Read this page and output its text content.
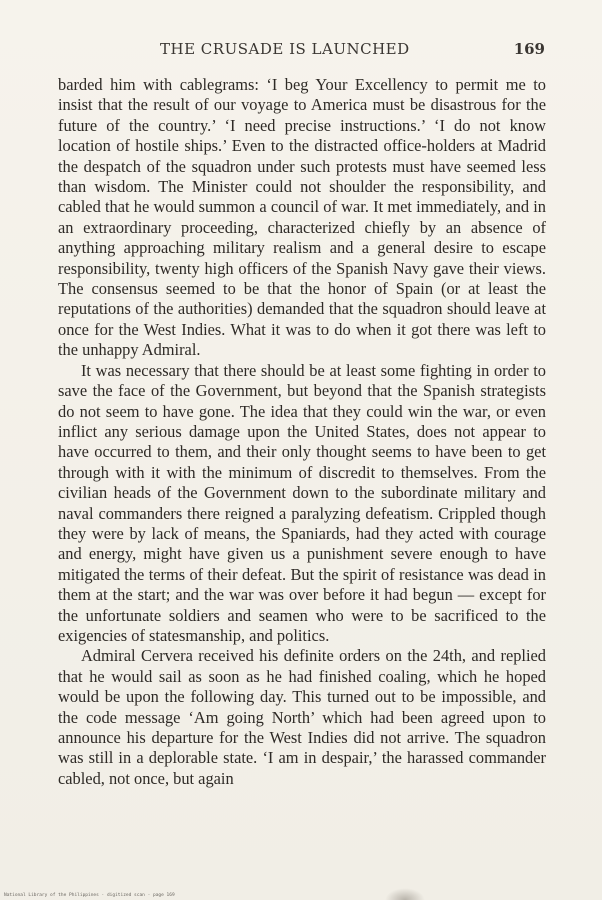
THE CRUSADE IS LAUNCHED	169

barded him with cablegrams: ‘I beg Your Excellency to permit me to insist that the result of our voyage to America must be disastrous for the future of the country.’ ‘I need precise instructions.’ ‘I do not know location of hostile ships.’ Even to the distracted office-holders at Madrid the despatch of the squadron under such protests must have seemed less than wisdom. The Minister could not shoulder the responsibility, and cabled that he would summon a council of war. It met immediately, and in an extraordinary proceeding, characterized chiefly by an absence of anything approaching military realism and a general desire to escape responsibility, twenty high officers of the Spanish Navy gave their views. The consensus seemed to be that the honor of Spain (or at least the reputations of the authorities) demanded that the squadron should leave at once for the West Indies. What it was to do when it got there was left to the unhappy Admiral.

It was necessary that there should be at least some fighting in order to save the face of the Government, but beyond that the Spanish strategists do not seem to have gone. The idea that they could win the war, or even inflict any serious damage upon the United States, does not appear to have occurred to them, and their only thought seems to have been to get through with it with the minimum of discredit to themselves. From the civilian heads of the Government down to the subordinate military and naval commanders there reigned a paralyzing defeatism. Crippled though they were by lack of means, the Spaniards, had they acted with courage and energy, might have given us a punishment severe enough to have mitigated the terms of their defeat. But the spirit of resistance was dead in them at the start; and the war was over before it had begun — except for the unfortunate soldiers and seamen who were to be sacrificed to the exigencies of statesmanship, and politics.

Admiral Cervera received his definite orders on the 24th, and replied that he would sail as soon as he had finished coaling, which he hoped would be upon the following day. This turned out to be impossible, and the code message ‘Am going North’ which had been agreed upon to announce his departure for the West Indies did not arrive. The squadron was still in a deplorable state. ‘I am in despair,’ the harassed commander cabled, not once, but again

National Library of the Philippines · digitized scan · page 169
